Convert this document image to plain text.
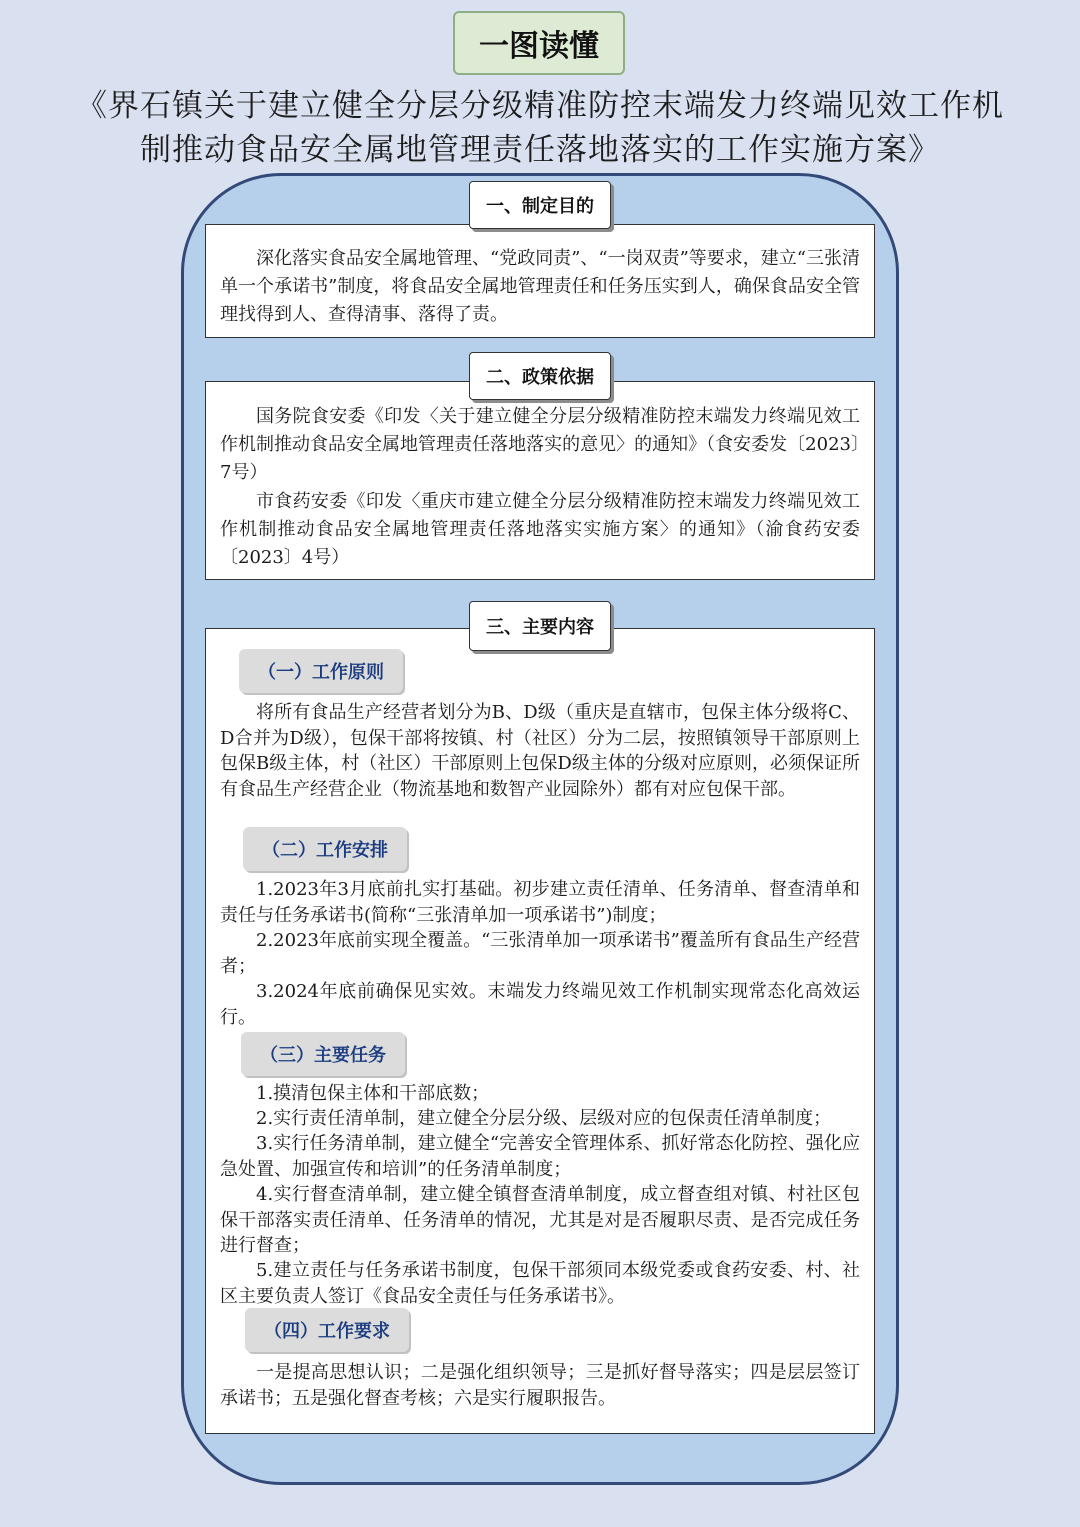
一图读懂
《界石镇关于建立健全分层分级精准防控末端发力终端见效工作机
制推动食品安全属地管理责任落地落实的工作实施方案》
一、制定目的

深化落实食品安全属地管理、“党政同责”、“一岗双责”等要求，建立“三张清单一个承诺书”制度，将食品安全属地管理责任和任务压实到人，确保食品安全管理找得到人、查得清事、落得了责。

二、政策依据

国务院食安委《印发〈关于建立健全分层分级精准防控末端发力终端见效工作机制推动食品安全属地管理责任落地落实的意见〉的通知》（食安委发〔2023〕7号）

市食药安委《印发〈重庆市建立健全分层分级精准防控末端发力终端见效工作机制推动食品安全属地管理责任落地落实实施方案〉的通知》（渝食药安委〔2023〕4号）

三、主要内容
（一）工作原则

将所有食品生产经营者划分为B、D级（重庆是直辖市，包保主体分级将C、D合并为D级），包保干部将按镇、村（社区）分为二层，按照镇领导干部原则上包保B级主体，村（社区）干部原则上包保D级主体的分级对应原则，必须保证所有食品生产经营企业（物流基地和数智产业园除外）都有对应包保干部。

（二）工作安排

1.2023年3月底前扎实打基础。初步建立责任清单、任务清单、督查清单和责任与任务承诺书(简称“三张清单加一项承诺书”)制度；

2.2023年底前实现全覆盖。“三张清单加一项承诺书”覆盖所有食品生产经营者；

3.2024年底前确保见实效。末端发力终端见效工作机制实现常态化高效运行。

（三）主要任务

1.摸清包保主体和干部底数；

2.实行责任清单制，建立健全分层分级、层级对应的包保责任清单制度；

3.实行任务清单制，建立健全“完善安全管理体系、抓好常态化防控、强化应急处置、加强宣传和培训”的任务清单制度；

4.实行督查清单制，建立健全镇督查清单制度，成立督查组对镇、村社区包保干部落实责任清单、任务清单的情况，尤其是对是否履职尽责、是否完成任务进行督查；

5.建立责任与任务承诺书制度，包保干部须同本级党委或食药安委、村、社区主要负责人签订《食品安全责任与任务承诺书》。

（四）工作要求

一是提高思想认识；二是强化组织领导；三是抓好督导落实；四是层层签订承诺书；五是强化督查考核；六是实行履职报告。
